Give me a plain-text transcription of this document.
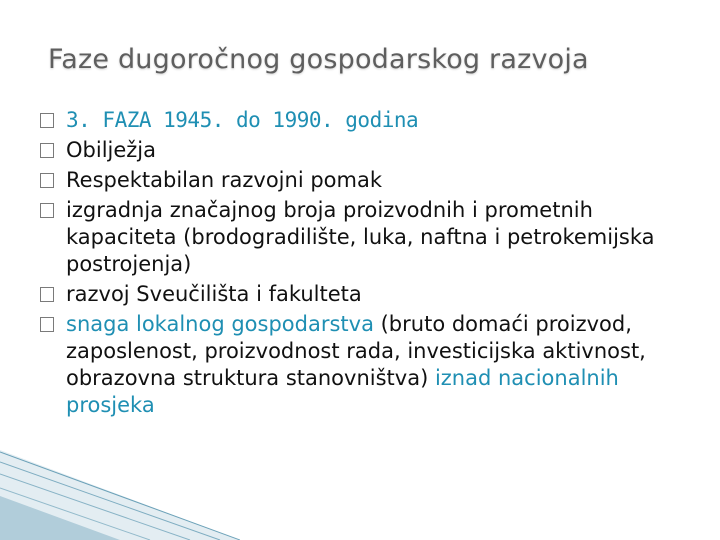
Faze dugoročnog gospodarskog razvoja
3. FAZA 1945. do 1990. godina
Obilježja
Respektabilan razvojni pomak
izgradnja značajnog broja proizvodnih i prometnih kapaciteta (brodogradilište, luka, naftna i petrokemijska postrojenja)
razvoj Sveučilišta i fakulteta
snaga lokalnog gospodarstva (bruto domaći proizvod, zaposlenost, proizvodnost rada, investicijska aktivnost, obrazovna struktura stanovništva) iznad nacionalnih prosjeka
